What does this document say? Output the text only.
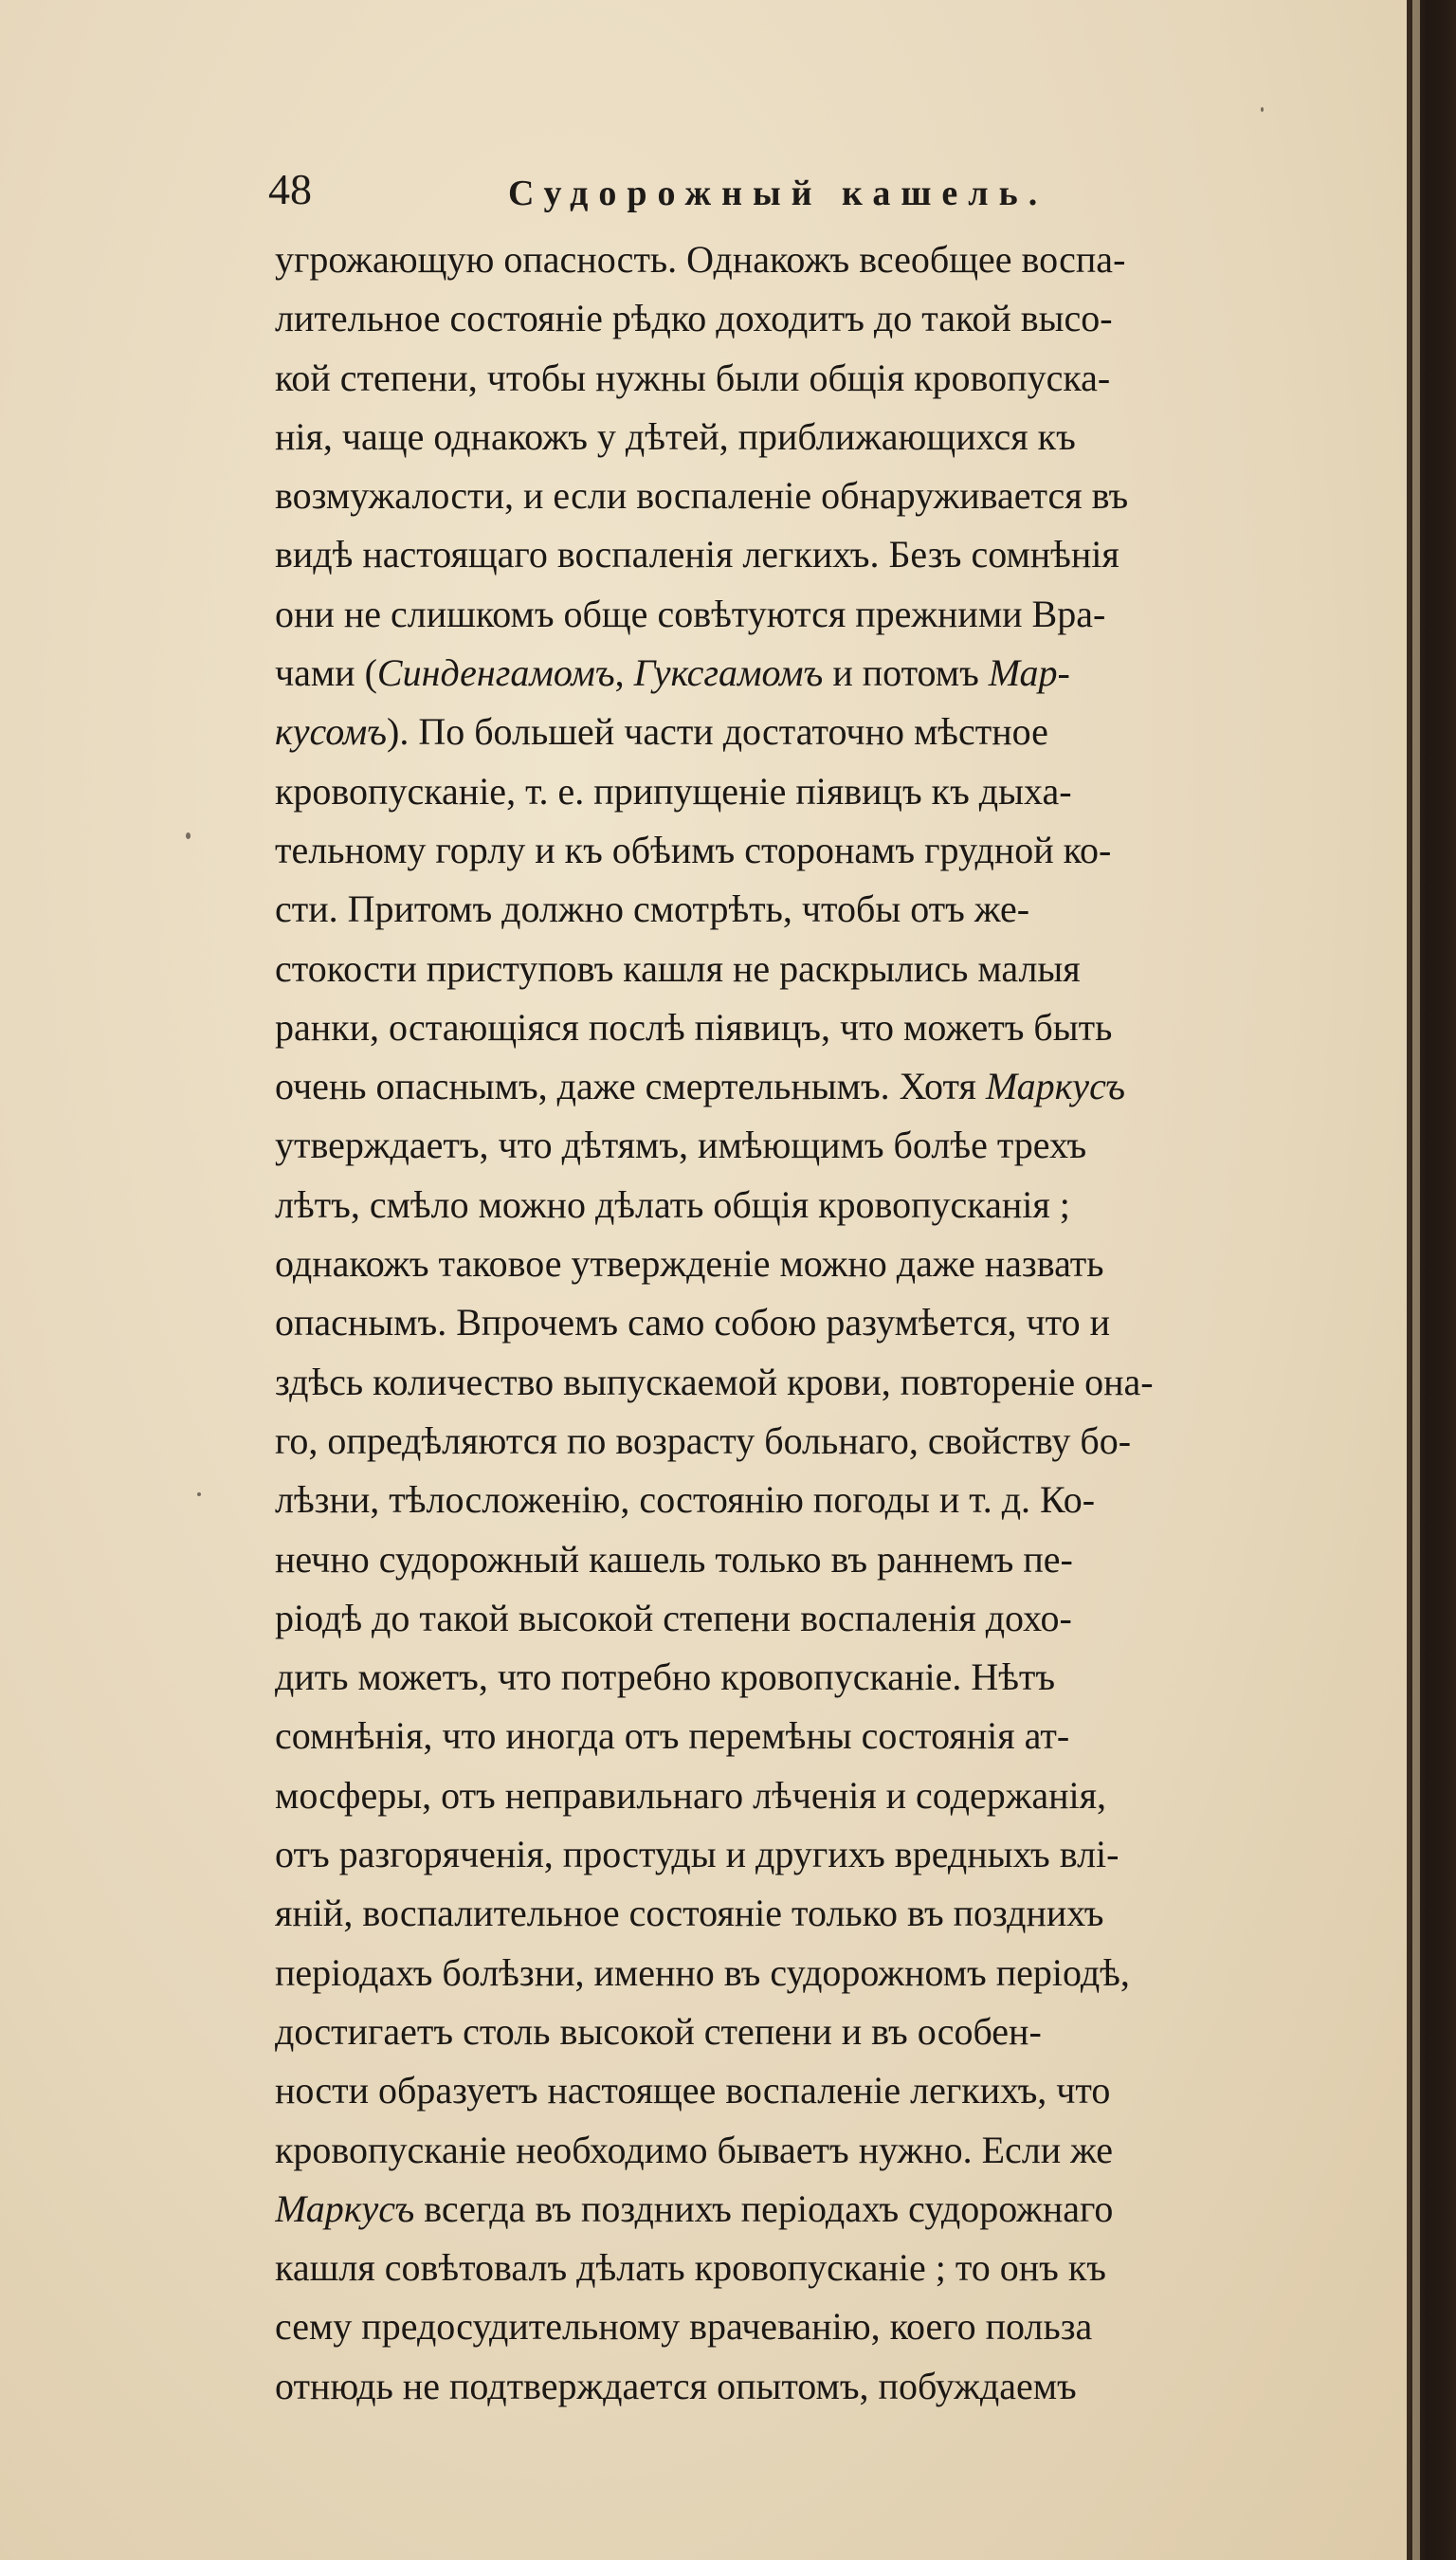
48	Судорожный кашель.
угрожающую опасность. Однакожъ всеобщее воспа-
лительное состояніе рѣдко доходитъ до такой высо-
кой степени, чтобы нужны были общія кровопуска-
нія, чаще однакожъ у дѣтей, приближающихся къ
возмужалости, и если воспаленіе обнаруживается въ
видѣ настоящаго воспаленія легкихъ. Безъ сомнѣнія
они не слишкомъ обще совѣтуются прежними Вра-
чами (Синденгамомъ, Гуксгамомъ и потомъ Мар-
кусомъ). По большей части достаточно мѣстное
кровопусканіе, т. е. припущеніе піявицъ къ дыха-
тельному горлу и къ обѣимъ сторонамъ грудной ко-
сти. Притомъ должно смотрѣть, чтобы отъ же-
стокости приступовъ кашля не раскрылись малыя
ранки, остающіяся послѣ піявицъ, что можетъ быть
очень опаснымъ, даже смертельнымъ. Хотя Маркусъ
утверждаетъ, что дѣтямъ, имѣющимъ болѣе трехъ
лѣтъ, смѣло можно дѣлать общія кровопусканія ;
однакожъ таковое утвержденіе можно даже назвать
опаснымъ. Впрочемъ само собою разумѣется, что и
здѣсь количество выпускаемой крови, повтореніе она-
го, опредѣляются по возрасту больнаго, свойству бо-
лѣзни, тѣлосложенію, состоянію погоды и т. д. Ко-
нечно судорожный кашель только въ раннемъ пе-
ріодѣ до такой высокой степени воспаленія дохо-
дить можетъ, что потребно кровопусканіе. Нѣтъ
сомнѣнія, что иногда отъ перемѣны состоянія ат-
мосферы, отъ неправильнаго лѣченія и содержанія,
отъ разгоряченія, простуды и другихъ вредныхъ влі-
яній, воспалительное состояніе только въ позднихъ
періодахъ болѣзни, именно въ судорожномъ періодѣ,
достигаетъ столь высокой степени и въ особен-
ности образуетъ настоящее воспаленіе легкихъ, что
кровопусканіе необходимо бываетъ нужно. Если же
Маркусъ всегда въ позднихъ періодахъ судорожнаго
кашля совѣтовалъ дѣлать кровопусканіе ; то онъ къ
сему предосудительному врачеванію, коего польза
отнюдь не подтверждается опытомъ, побуждаемъ
